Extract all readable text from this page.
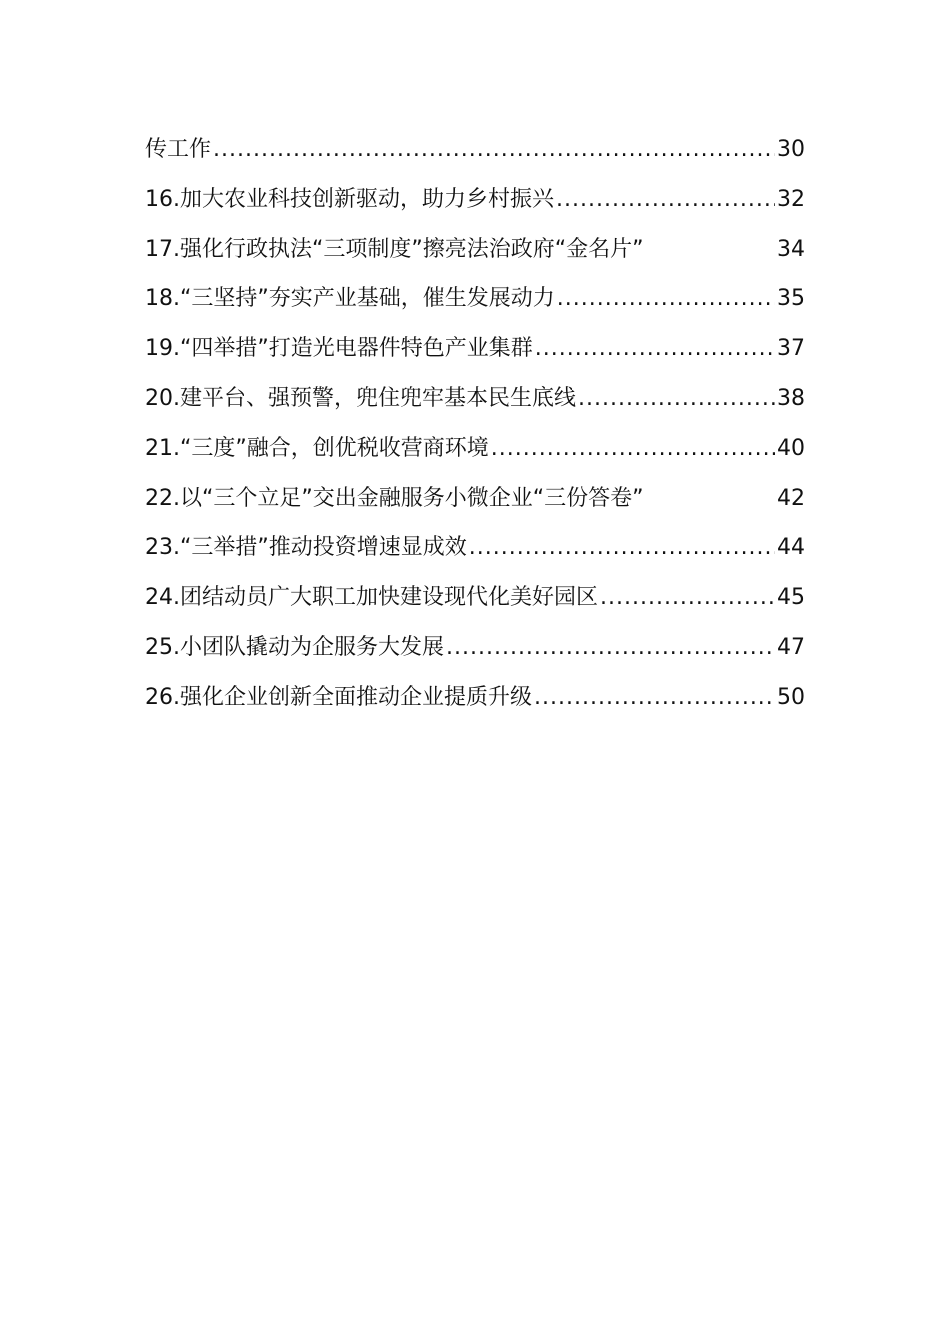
传工作 .....	30
16.加大农业科技创新驱动，助力乡村振兴 .....	32
17.强化行政执法“三项制度”擦亮法治政府“金名片”	34
18.“三坚持”夯实产业基础，催生发展动力 .....	35
19.“四举措”打造光电器件特色产业集群 .....	37
20.建平台、强预警，兜住兜牢基本民生底线 .....	38
21.“三度”融合，创优税收营商环境 .....	40
22.以“三个立足”交出金融服务小微企业“三份答卷”	42
23.“三举措”推动投资增速显成效 .....	44
24.团结动员广大职工加快建设现代化美好园区 .....	45
25.小团队撬动为企服务大发展 .....	47
26.强化企业创新全面推动企业提质升级 .....	50
